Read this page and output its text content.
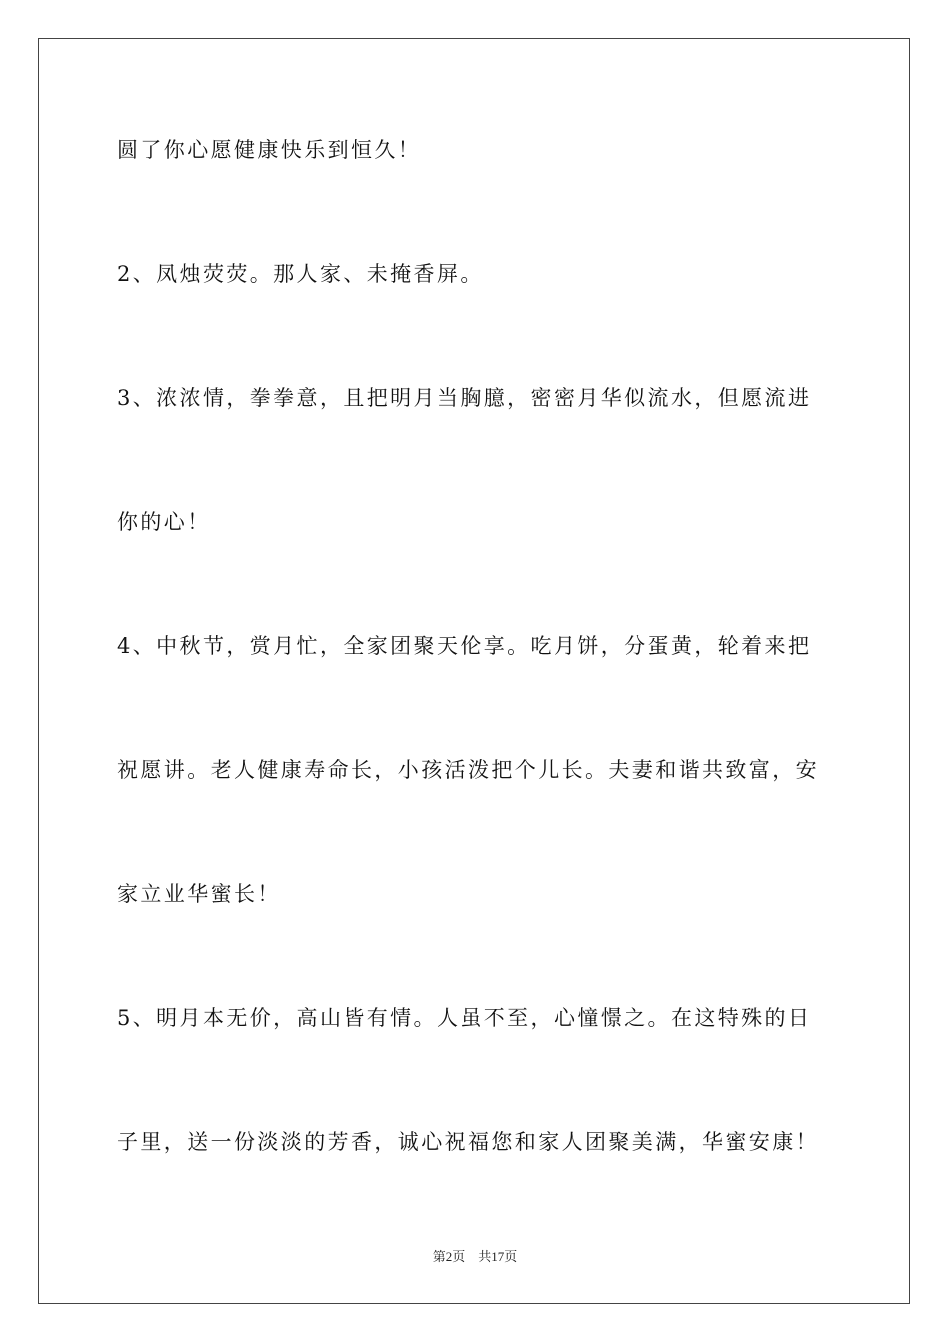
圆了你心愿健康快乐到恒久！
2、凤烛荧荧。那人家、未掩香屏。
3、浓浓情，拳拳意，且把明月当胸臆，密密月华似流水，但愿流进
你的心！
4、中秋节，赏月忙，全家团聚天伦享。吃月饼，分蛋黄，轮着来把
祝愿讲。老人健康寿命长，小孩活泼把个儿长。夫妻和谐共致富，安
家立业华蜜长！
5、明月本无价，高山皆有情。人虽不至，心憧憬之。在这特殊的日
子里，送一份淡淡的芳香，诚心祝福您和家人团聚美满，华蜜安康！
第2页 共17页
